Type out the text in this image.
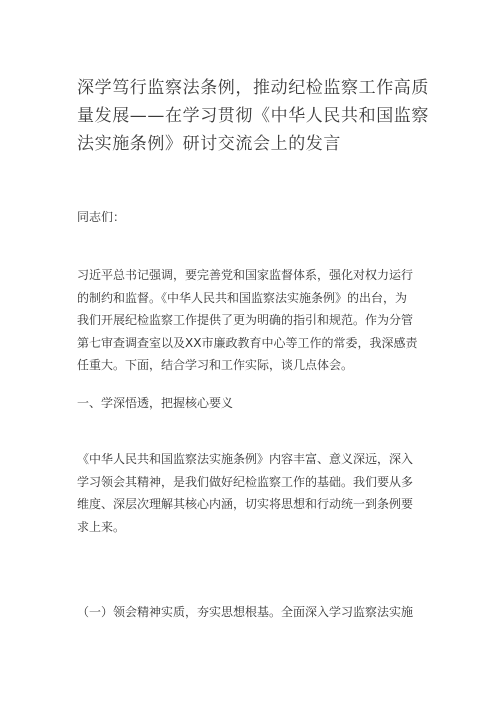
深学笃行监察法条例，推动纪检监察工作高质
量发展——在学习贯彻《中华人民共和国监察
法实施条例》研讨交流会上的发言

同志们：

习近平总书记强调，要完善党和国家监督体系，强化对权力运行
的制约和监督。《中华人民共和国监察法实施条例》的出台，为
我们开展纪检监察工作提供了更为明确的指引和规范。作为分管
第七审查调查室以及XX市廉政教育中心等工作的常委，我深感责
任重大。下面，结合学习和工作实际，谈几点体会。

一、学深悟透，把握核心要义

《中华人民共和国监察法实施条例》内容丰富、意义深远，深入
学习领会其精神，是我们做好纪检监察工作的基础。我们要从多
维度、深层次理解其核心内涵，切实将思想和行动统一到条例要
求上来。

（一）领会精神实质，夯实思想根基。全面深入学习监察法实施
